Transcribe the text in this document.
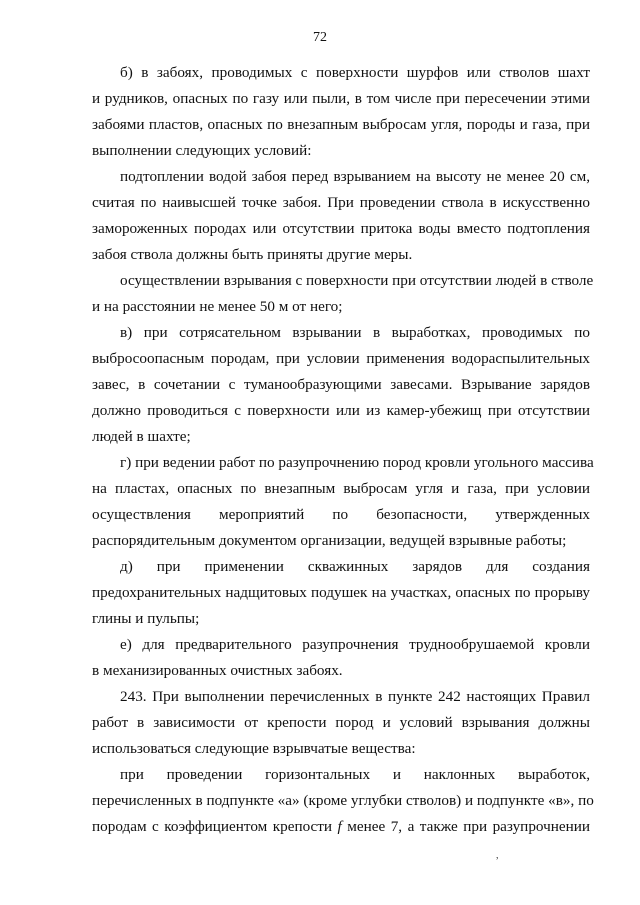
72
б) в забоях, проводимых с поверхности шурфов или стволов шахт
и рудников, опасных по газу или пыли, в том числе при пересечении этими
забоями пластов, опасных по внезапным выбросам угля, породы и газа, при
выполнении следующих условий:
подтоплении водой забоя перед взрыванием на высоту не менее 20 см,
считая по наивысшей точке забоя. При проведении ствола в искусственно
замороженных породах или отсутствии притока воды вместо подтопления
забоя ствола должны быть приняты другие меры.
осуществлении взрывания с поверхности при отсутствии людей в стволе
и на расстоянии не менее 50 м от него;
в) при сотрясательном взрывании в выработках, проводимых по
выбросоопасным породам, при условии применения водораспылительных
завес, в сочетании с туманообразующими завесами. Взрывание зарядов
должно проводиться с поверхности или из камер-убежищ при отсутствии
людей в шахте;
г) при ведении работ по разупрочнению пород кровли угольного массива
на пластах, опасных по внезапным выбросам угля и газа, при условии
осуществления мероприятий по безопасности, утвержденных
распорядительным документом организации, ведущей взрывные работы;
д) при применении скважинных зарядов для создания
предохранительных надщитовых подушек на участках, опасных по прорыву
глины и пульпы;
е) для предварительного разупрочнения труднообрушаемой кровли
в механизированных очистных забоях.
243. При выполнении перечисленных в пункте 242 настоящих Правил
работ в зависимости от крепости пород и условий взрывания должны
использоваться следующие взрывчатые вещества:
при проведении горизонтальных и наклонных выработок,
перечисленных в подпункте «а» (кроме углубки стволов) и подпункте «в», по
породам с коэффициентом крепости f менее 7, а также при разупрочнении
,
